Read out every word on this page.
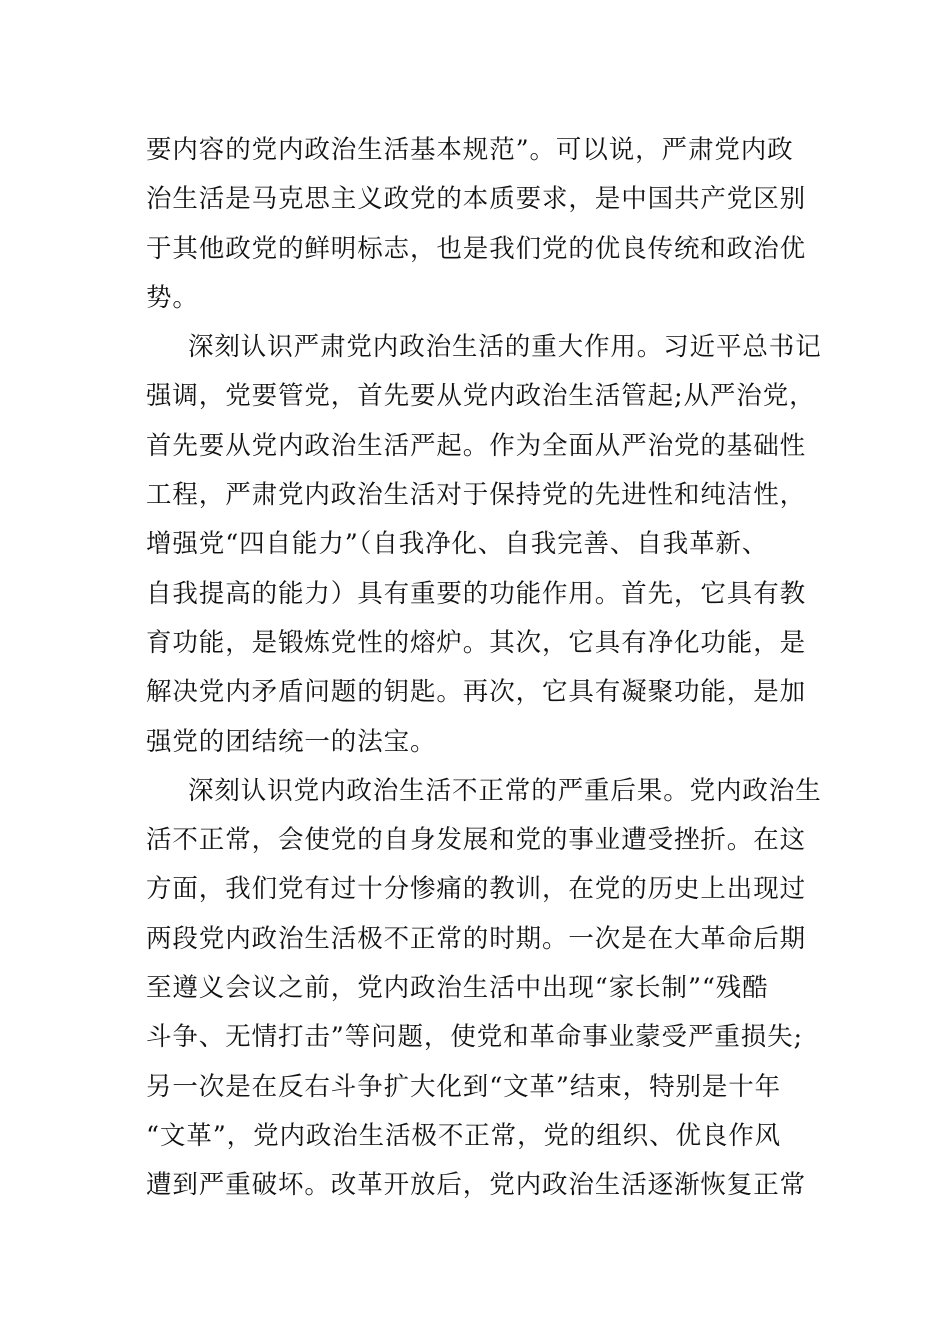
要内容的党内政治生活基本规范”。可以说，严肃党内政
治生活是马克思主义政党的本质要求，是中国共产党区别
于其他政党的鲜明标志，也是我们党的优良传统和政治优
势。
深刻认识严肃党内政治生活的重大作用。习近平总书记
强调，党要管党，首先要从党内政治生活管起;从严治党，
首先要从党内政治生活严起。作为全面从严治党的基础性
工程，严肃党内政治生活对于保持党的先进性和纯洁性，
增强党“四自能力”（自我净化、自我完善、自我革新、
自我提高的能力）具有重要的功能作用。首先，它具有教
育功能，是锻炼党性的熔炉。其次，它具有净化功能，是
解决党内矛盾问题的钥匙。再次，它具有凝聚功能，是加
强党的团结统一的法宝。
深刻认识党内政治生活不正常的严重后果。党内政治生
活不正常，会使党的自身发展和党的事业遭受挫折。在这
方面，我们党有过十分惨痛的教训，在党的历史上出现过
两段党内政治生活极不正常的时期。一次是在大革命后期
至遵义会议之前，党内政治生活中出现“家长制”“残酷
斗争、无情打击”等问题，使党和革命事业蒙受严重损失;
另一次是在反右斗争扩大化到“文革”结束，特别是十年
“文革”，党内政治生活极不正常，党的组织、优良作风
遭到严重破坏。改革开放后，党内政治生活逐渐恢复正常
